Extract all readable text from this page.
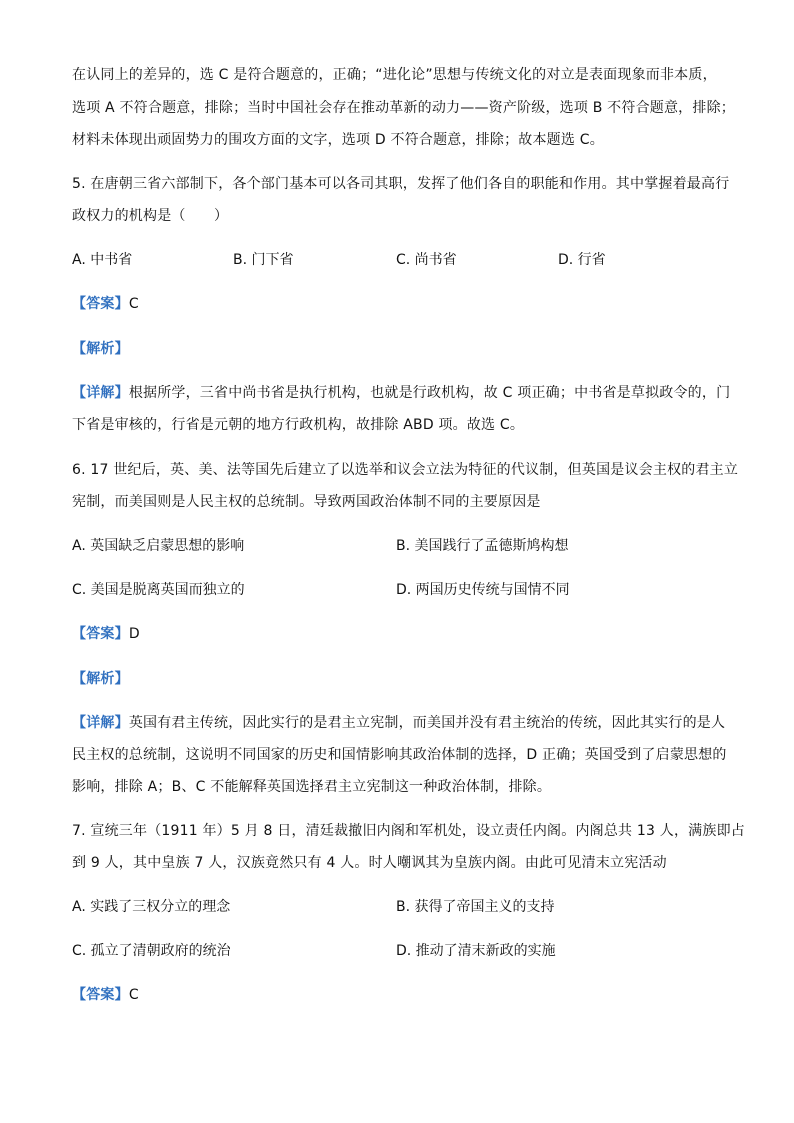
在认同上的差异的，选 C 是符合题意的，正确；“进化论”思想与传统文化的对立是表面现象而非本质，
选项 A 不符合题意，排除；当时中国社会存在推动革新的动力——资产阶级，选项 B 不符合题意，排除；
材料未体现出顽固势力的围攻方面的文字，选项 D 不符合题意，排除；故本题选 C。
5. 在唐朝三省六部制下，各个部门基本可以各司其职，发挥了他们各自的职能和作用。其中掌握着最高行
政权力的机构是（　　）
A. 中书省	B. 门下省	C. 尚书省	D. 行省
【答案】C
【解析】
【详解】根据所学，三省中尚书省是执行机构，也就是行政机构，故 C 项正确；中书省是草拟政令的，门
下省是审核的，行省是元朝的地方行政机构，故排除 ABD 项。故选 C。
6. 17 世纪后，英、美、法等国先后建立了以选举和议会立法为特征的代议制，但英国是议会主权的君主立
宪制，而美国则是人民主权的总统制。导致两国政治体制不同的主要原因是
A. 英国缺乏启蒙思想的影响	B. 美国践行了孟德斯鸠构想
C. 美国是脱离英国而独立的	D. 两国历史传统与国情不同
【答案】D
【解析】
【详解】英国有君主传统，因此实行的是君主立宪制，而美国并没有君主统治的传统，因此其实行的是人
民主权的总统制，这说明不同国家的历史和国情影响其政治体制的选择，D 正确；英国受到了启蒙思想的
影响，排除 A；B、C 不能解释英国选择君主立宪制这一种政治体制，排除。
7. 宣统三年（1911 年）5 月 8 日，清廷裁撤旧内阁和军机处，设立责任内阁。内阁总共 13 人，满族即占
到 9 人，其中皇族 7 人，汉族竟然只有 4 人。时人嘲讽其为皇族内阁。由此可见清末立宪活动
A. 实践了三权分立的理念	B. 获得了帝国主义的支持
C. 孤立了清朝政府的统治	D. 推动了清末新政的实施
【答案】C
